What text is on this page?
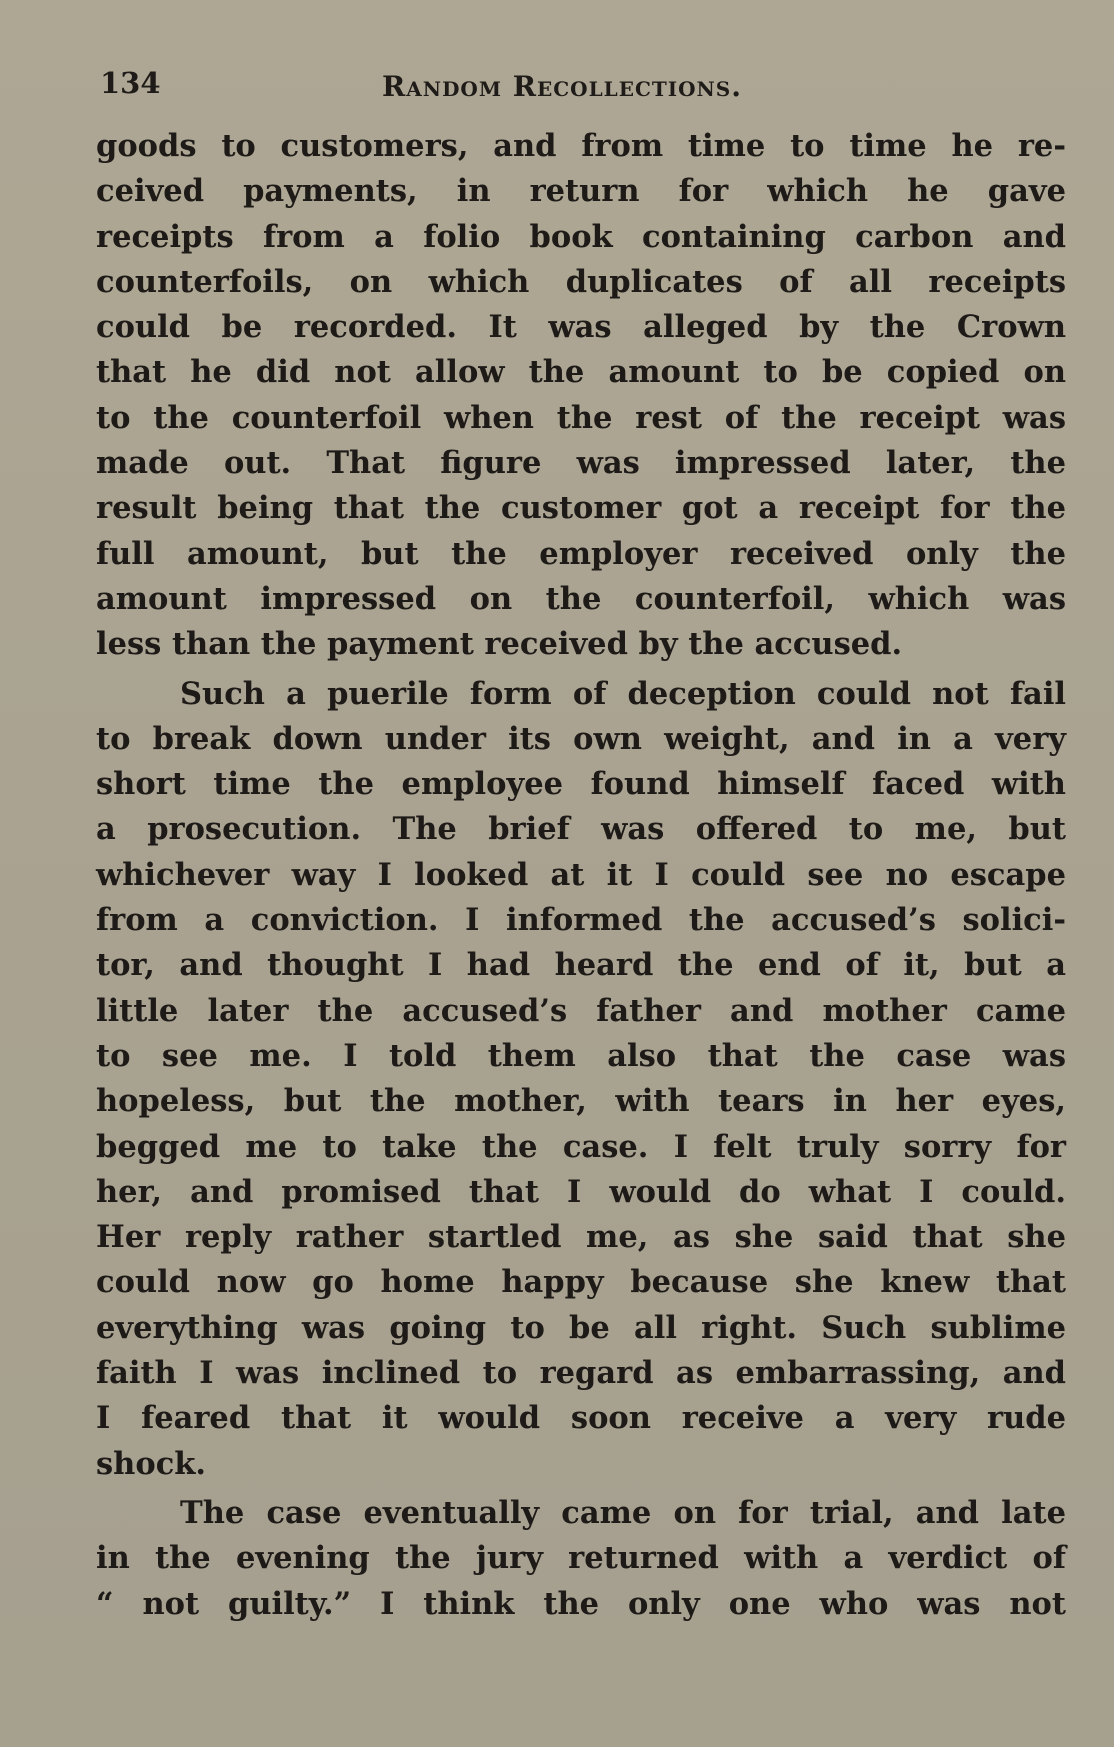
134	Random Recollections.
goods to customers, and from time to time he re-
ceived payments, in return for which he gave
receipts from a folio book containing carbon and
counterfoils, on which duplicates of all receipts
could be recorded. It was alleged by the Crown
that he did not allow the amount to be copied on
to the counterfoil when the rest of the receipt was
made out. That figure was impressed later, the
result being that the customer got a receipt for the
full amount, but the employer received only the
amount impressed on the counterfoil, which was
less than the payment received by the accused.
Such a puerile form of deception could not fail
to break down under its own weight, and in a very
short time the employee found himself faced with
a prosecution. The brief was offered to me, but
whichever way I looked at it I could see no escape
from a conviction. I informed the accused’s solici-
tor, and thought I had heard the end of it, but a
little later the accused’s father and mother came
to see me. I told them also that the case was
hopeless, but the mother, with tears in her eyes,
begged me to take the case. I felt truly sorry for
her, and promised that I would do what I could.
Her reply rather startled me, as she said that she
could now go home happy because she knew that
everything was going to be all right. Such sublime
faith I was inclined to regard as embarrassing, and
I feared that it would soon receive a very rude
shock.
The case eventually came on for trial, and late
in the evening the jury returned with a verdict of
“ not guilty.” I think the only one who was not
